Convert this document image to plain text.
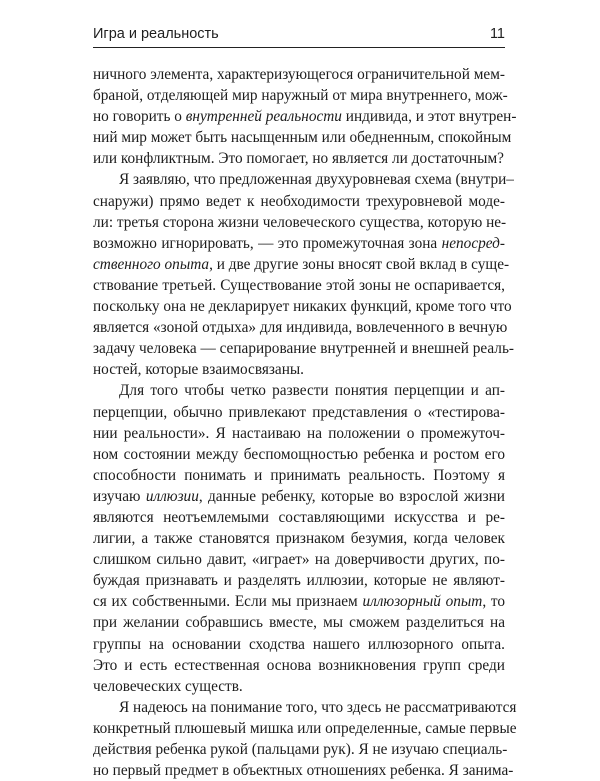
Игра и реальность	11
ничного элемента, характеризующегося ограничительной мем-
браной, отделяющей мир наружный от мира внутреннего, мож-
но говорить о внутренней реальности индивида, и этот внутрен-
ний мир может быть насыщенным или обедненным, спокойным
или конфликтным. Это помогает, но является ли достаточным?
Я заявляю, что предложенная двухуровневая схема (внутри–
снаружи) прямо ведет к необходимости трехуровневой моде-
ли: третья сторона жизни человеческого существа, которую не-
возможно игнорировать, — это промежуточная зона непосред-
ственного опыта, и две другие зоны вносят свой вклад в суще-
ствование третьей. Существование этой зоны не оспаривается,
поскольку она не декларирует никаких функций, кроме того что
является «зоной отдыха» для индивида, вовлеченного в вечную
задачу человека — сепарирование внутренней и внешней реаль-
ностей, которые взаимосвязаны.
Для того чтобы четко развести понятия перцепции и ап-
перцепции, обычно привлекают представления о «тестирова-
нии реальности». Я настаиваю на положении о промежуточ-
ном состоянии между беспомощностью ребенка и ростом его
способности понимать и принимать реальность. Поэтому я
изучаю иллюзии, данные ребенку, которые во взрослой жизни
являются неотъемлемыми составляющими искусства и ре-
лигии, а также становятся признаком безумия, когда человек
слишком сильно давит, «играет» на доверчивости других, по-
буждая признавать и разделять иллюзии, которые не являют-
ся их собственными. Если мы признаем иллюзорный опыт, то
при желании собравшись вместе, мы сможем разделиться на
группы на основании сходства нашего иллюзорного опыта.
Это и есть естественная основа возникновения групп среди
человеческих существ.
Я надеюсь на понимание того, что здесь не рассматриваются
конкретный плюшевый мишка или определенные, самые первые
действия ребенка рукой (пальцами рук). Я не изучаю специаль-
но первый предмет в объектных отношениях ребенка. Я занима-
